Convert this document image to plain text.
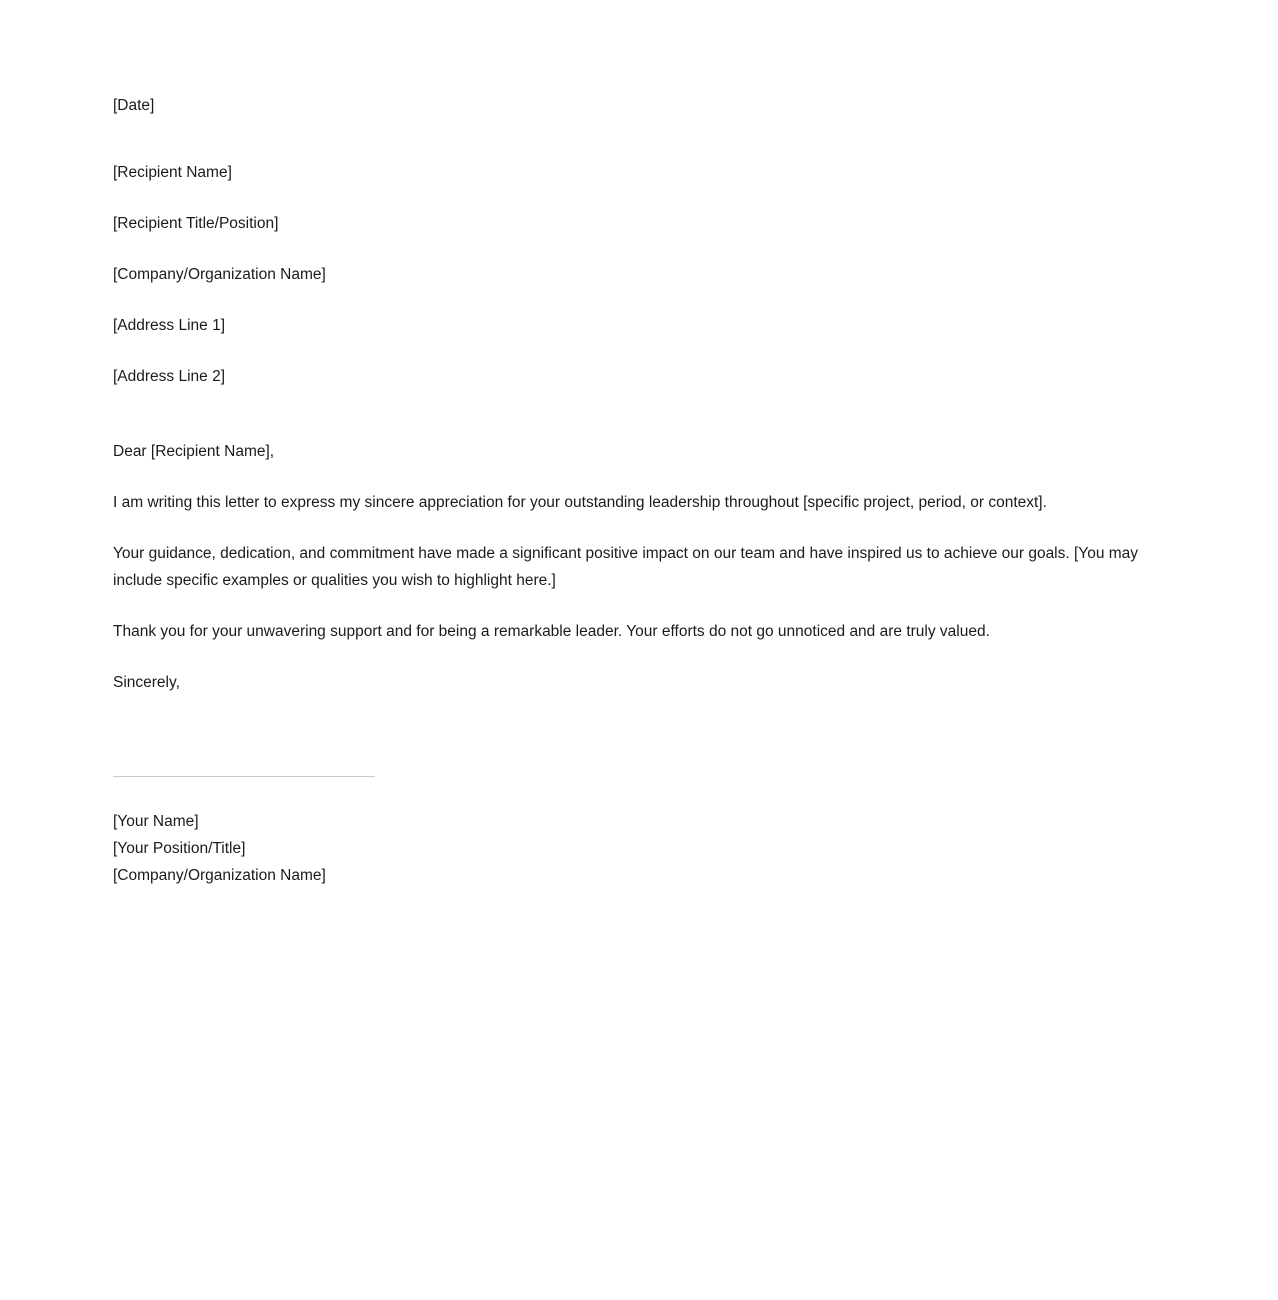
[Date]
[Recipient Name]
[Recipient Title/Position]
[Company/Organization Name]
[Address Line 1]
[Address Line 2]
Dear [Recipient Name],

I am writing this letter to express my sincere appreciation for your outstanding leadership throughout [specific project, period, or context].

Your guidance, dedication, and commitment have made a significant positive impact on our team and have inspired us to achieve our goals. [You may include specific examples or qualities you wish to highlight here.]

Thank you for your unwavering support and for being a remarkable leader. Your efforts do not go unnoticed and are truly valued.

Sincerely,
[Your Name]
[Your Position/Title]
[Company/Organization Name]
